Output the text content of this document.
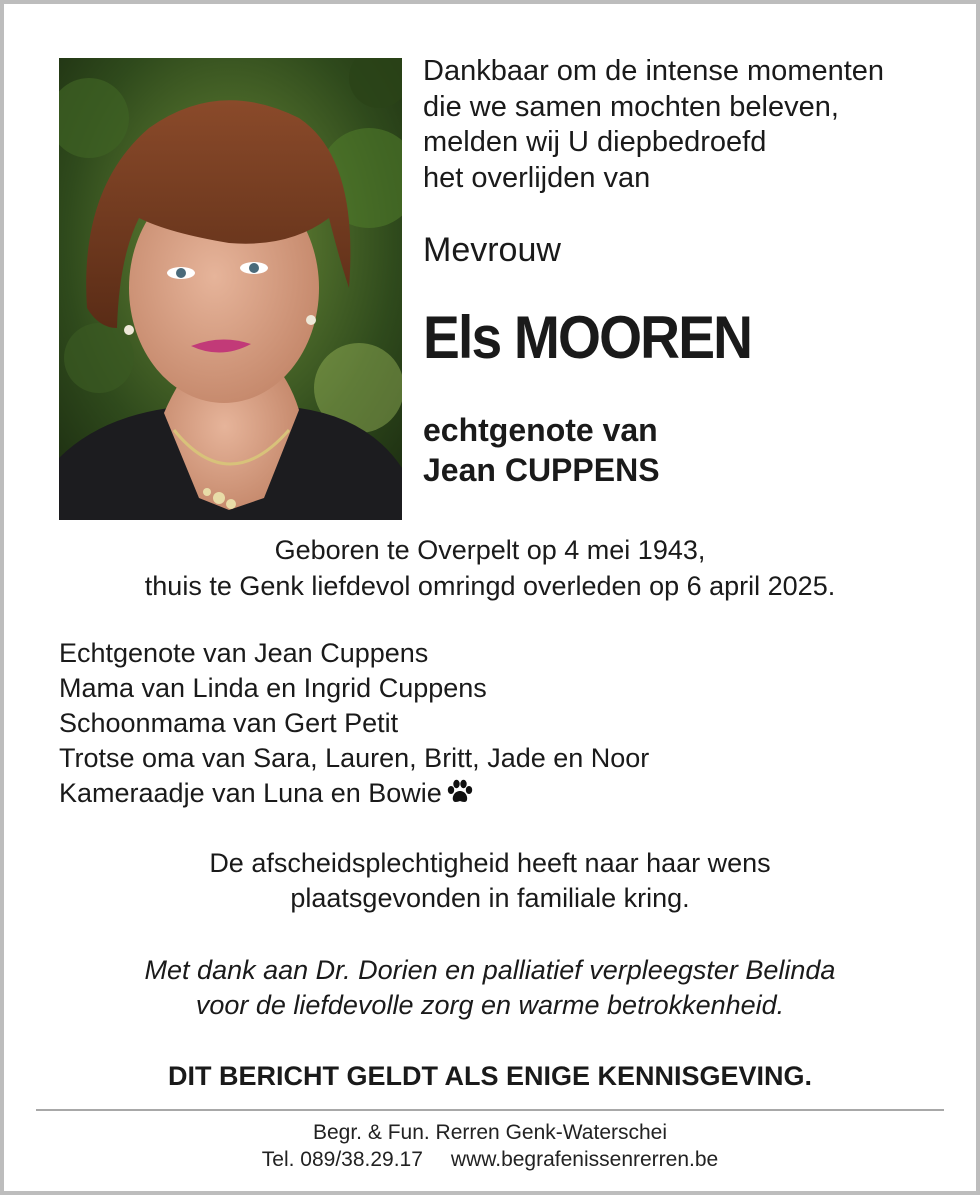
Dankbaar om de intense momenten
die we samen mochten beleven,
melden wij U diepbedroefd
het overlijden van
Mevrouw
Els MOOREN
echtgenote van
Jean CUPPENS
Geboren te Overpelt op 4 mei 1943,
thuis te Genk liefdevol omringd overleden op 6 april 2025.
Echtgenote van Jean Cuppens
Mama van Linda en Ingrid Cuppens
Schoonmama van Gert Petit
Trotse oma van Sara, Lauren, Britt, Jade en Noor
Kameraadje van Luna en Bowie
De afscheidsplechtigheid heeft naar haar wens
plaatsgevonden in familiale kring.
Met dank aan Dr. Dorien en palliatief verpleegster Belinda
voor de liefdevolle zorg en warme betrokkenheid.
DIT BERICHT GELDT ALS ENIGE KENNISGEVING.
Begr. & Fun. Rerren Genk-Waterschei
Tel. 089/38.29.17 www.begrafenissenrerren.be
